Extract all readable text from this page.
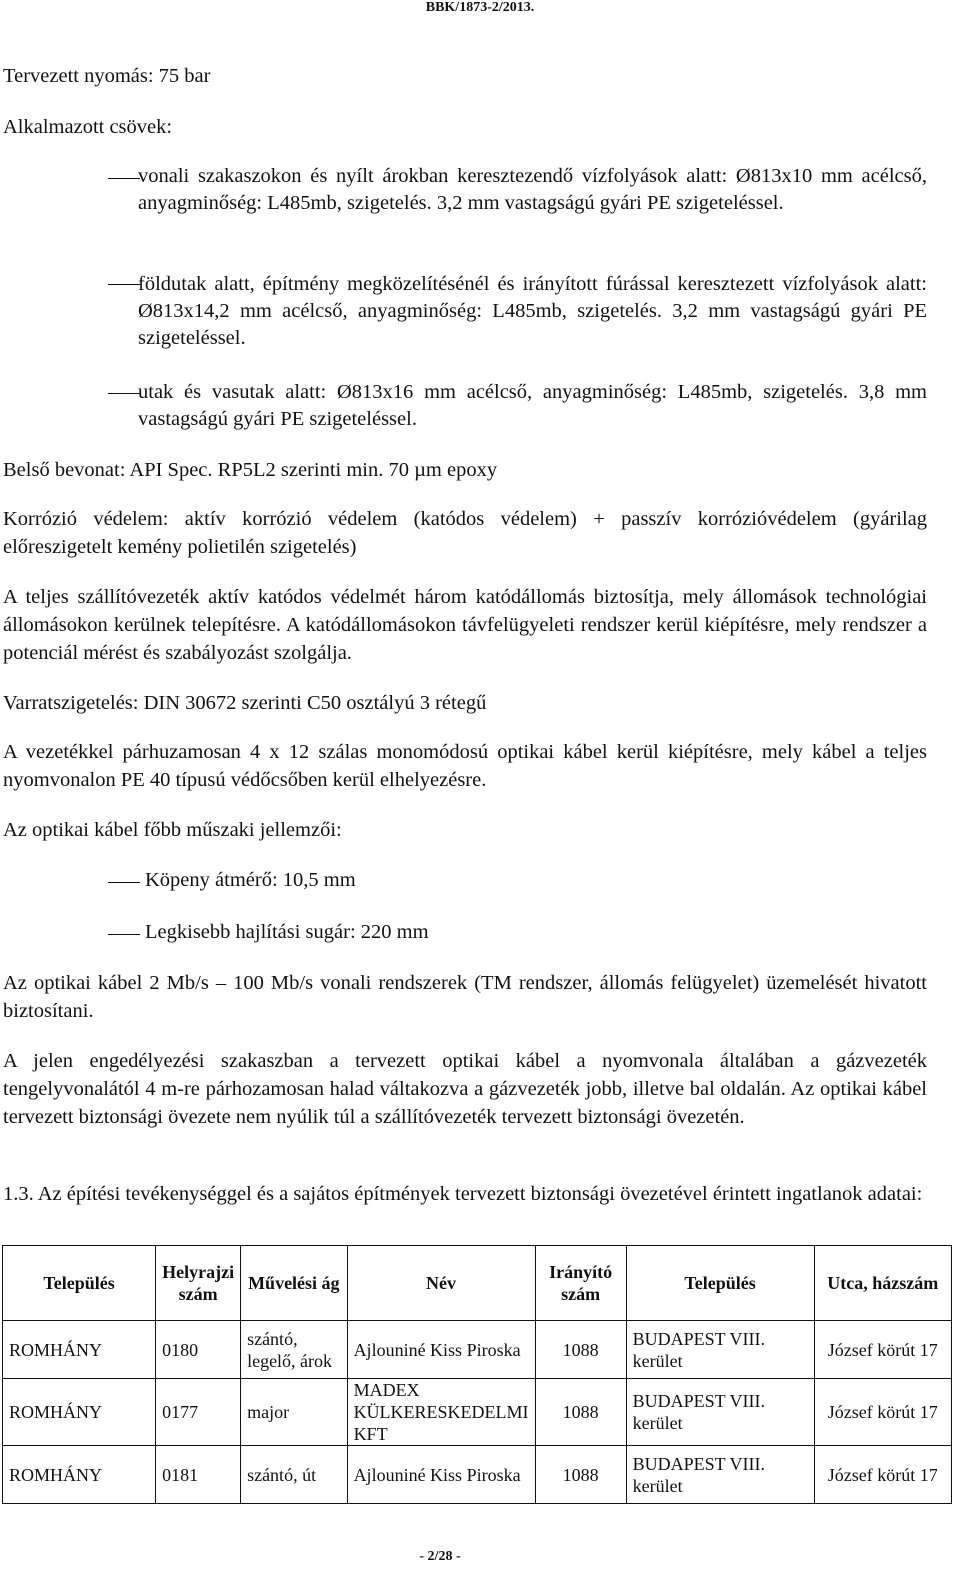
BBK/1873-2/2013.

Tervezett nyomás: 75 bar

Alkalmazott csövek:

vonali szakaszokon és nyílt árokban keresztezendő vízfolyások alatt: Ø813x10 mm acélcső, anyagminőség: L485mb, szigetelés. 3,2 mm vastagságú gyári PE szigeteléssel.

földutak alatt, építmény megközelítésénél és irányított fúrással keresztezett vízfolyások alatt: Ø813x14,2 mm acélcső, anyagminőség: L485mb, szigetelés. 3,2 mm vastagságú gyári PE szigeteléssel.

utak és vasutak alatt: Ø813x16 mm acélcső, anyagminőség: L485mb, szigetelés. 3,8 mm vastagságú gyári PE szigeteléssel.

Belső bevonat: API Spec. RP5L2 szerinti min. 70 µm epoxy

Korrózió védelem: aktív korrózió védelem (katódos védelem) + passzív korrózióvédelem (gyárilag előreszigetelt kemény polietilén szigetelés)

A teljes szállítóvezeték aktív katódos védelmét három katódállomás biztosítja, mely állomások technológiai állomásokon kerülnek telepítésre. A katódállomásokon távfelügyeleti rendszer kerül kiépítésre, mely rendszer a potenciál mérést és szabályozást szolgálja.

Varratszigetelés: DIN 30672 szerinti C50 osztályú 3 rétegű

A vezetékkel párhuzamosan 4 x 12 szálas monomódosú optikai kábel kerül kiépítésre, mely kábel a teljes nyomvonalon PE 40 típusú védőcsőben kerül elhelyezésre.

Az optikai kábel főbb műszaki jellemzői:

Köpeny átmérő: 10,5 mm

Legkisebb hajlítási sugár: 220 mm

Az optikai kábel 2 Mb/s – 100 Mb/s vonali rendszerek (TM rendszer, állomás felügyelet) üzemelését hivatott biztosítani.

A jelen engedélyezési szakaszban a tervezett optikai kábel a nyomvonala általában a gázvezeték tengelyvonalától 4 m-re párhozamosan halad váltakozva a gázvezeték jobb, illetve bal oldalán. Az optikai kábel tervezett biztonsági övezete nem nyúlik túl a szállítóvezeték tervezett biztonsági övezetén.

1.3. Az építési tevékenységgel és a sajátos építmények tervezett biztonsági övezetével érintett ingatlanok adatai:

Település	Helyrajzi szám	Művelési ág	Név	Irányító szám	Település	Utca, házszám
ROMHÁNY	0180	szántó, legelő, árok	Ajlouniné Kiss Piroska	1088	BUDAPEST VIII. kerület	József körút 17
ROMHÁNY	0177	major	MADEX KÜLKERESKEDELMI KFT	1088	BUDAPEST VIII. kerület	József körút 17
ROMHÁNY	0181	szántó, út	Ajlouniné Kiss Piroska	1088	BUDAPEST VIII. kerület	József körút 17
- 2/28 -
